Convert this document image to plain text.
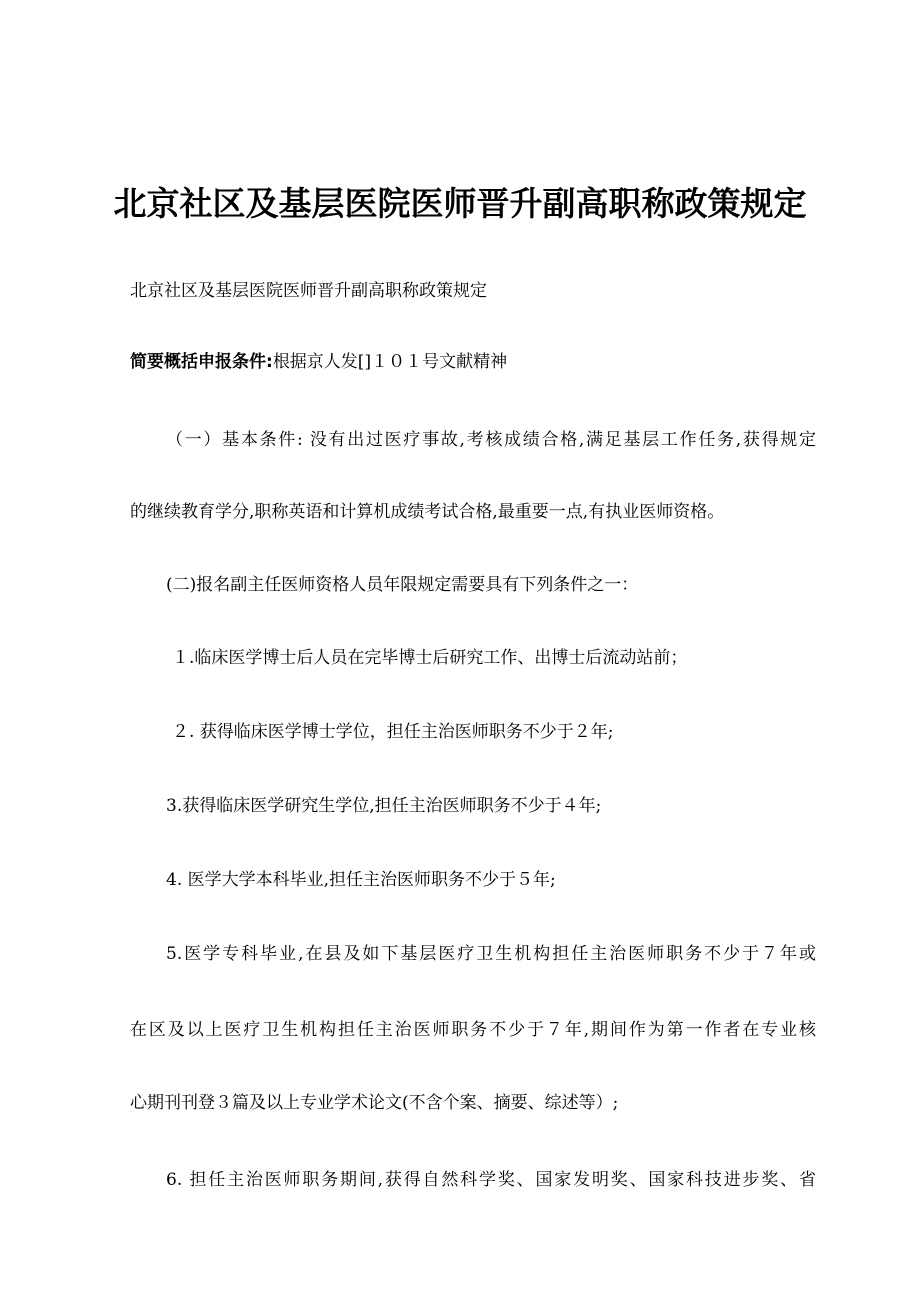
北京社区及基层医院医师晋升副高职称政策规定
北京社区及基层医院医师晋升副高职称政策规定
简要概括申报条件:根据京人发[]１０１号文献精神
（一）基本条件: 没有出过医疗事故,考核成绩合格,满足基层工作任务,获得规定
的继续教育学分,职称英语和计算机成绩考试合格,最重要一点,有执业医师资格。
(二)报名副主任医师资格人员年限规定需要具有下列条件之一：
１.临床医学博士后人员在完毕博士后研究工作、出博士后流动站前；
２. 获得临床医学博士学位，担任主治医师职务不少于２年;
3.获得临床医学研究生学位,担任主治医师职务不少于４年;
4. 医学大学本科毕业,担任主治医师职务不少于５年;
5.医学专科毕业,在县及如下基层医疗卫生机构担任主治医师职务不少于７年或
在区及以上医疗卫生机构担任主治医师职务不少于７年,期间作为第一作者在专业核
心期刊刊登３篇及以上专业学术论文(不含个案、摘要、综述等）;
6. 担任主治医师职务期间,获得自然科学奖、国家发明奖、国家科技进步奖、省
